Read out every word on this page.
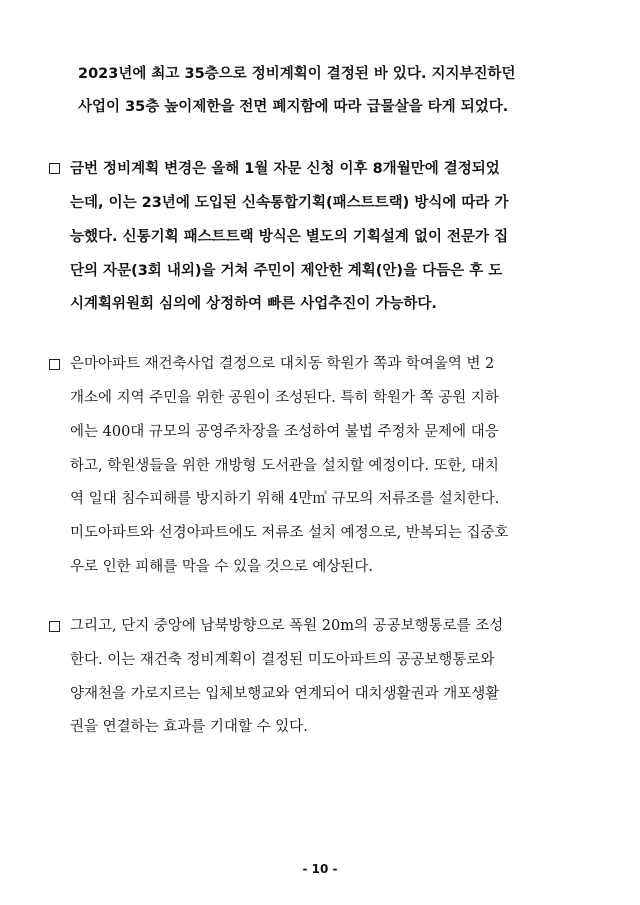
2023년에 최고 35층으로 정비계획이 결정된 바 있다. 지지부진하던
사업이 35층 높이제한을 전면 폐지함에 따라 급물살을 타게 되었다.
금번 정비계획 변경은 올해 1월 자문 신청 이후 8개월만에 결정되었
는데, 이는 23년에 도입된 신속통합기획(패스트트랙) 방식에 따라 가
능했다. 신통기획 패스트트랙 방식은 별도의 기획설계 없이 전문가 집
단의 자문(3회 내외)을 거쳐 주민이 제안한 계획(안)을 다듬은 후 도
시계획위원회 심의에 상정하여 빠른 사업추진이 가능하다.
은마아파트 재건축사업 결정으로 대치동 학원가 쪽과 학여울역 변 2
개소에 지역 주민을 위한 공원이 조성된다. 특히 학원가 쪽 공원 지하
에는 400대 규모의 공영주차장을 조성하여 불법 주정차 문제에 대응
하고, 학원생들을 위한 개방형 도서관을 설치할 예정이다. 또한, 대치
역 일대 침수피해를 방지하기 위해 4만㎥ 규모의 저류조를 설치한다.
미도아파트와 선경아파트에도 저류조 설치 예정으로, 반복되는 집중호
우로 인한 피해를 막을 수 있을 것으로 예상된다.
그리고, 단지 중앙에 남북방향으로 폭원 20m의 공공보행통로를 조성
한다. 이는 재건축 정비계획이 결정된 미도아파트의 공공보행통로와
양재천을 가로지르는 입체보행교와 연계되어 대치생활권과 개포생활
권을 연결하는 효과를 기대할 수 있다.
- 10 -
